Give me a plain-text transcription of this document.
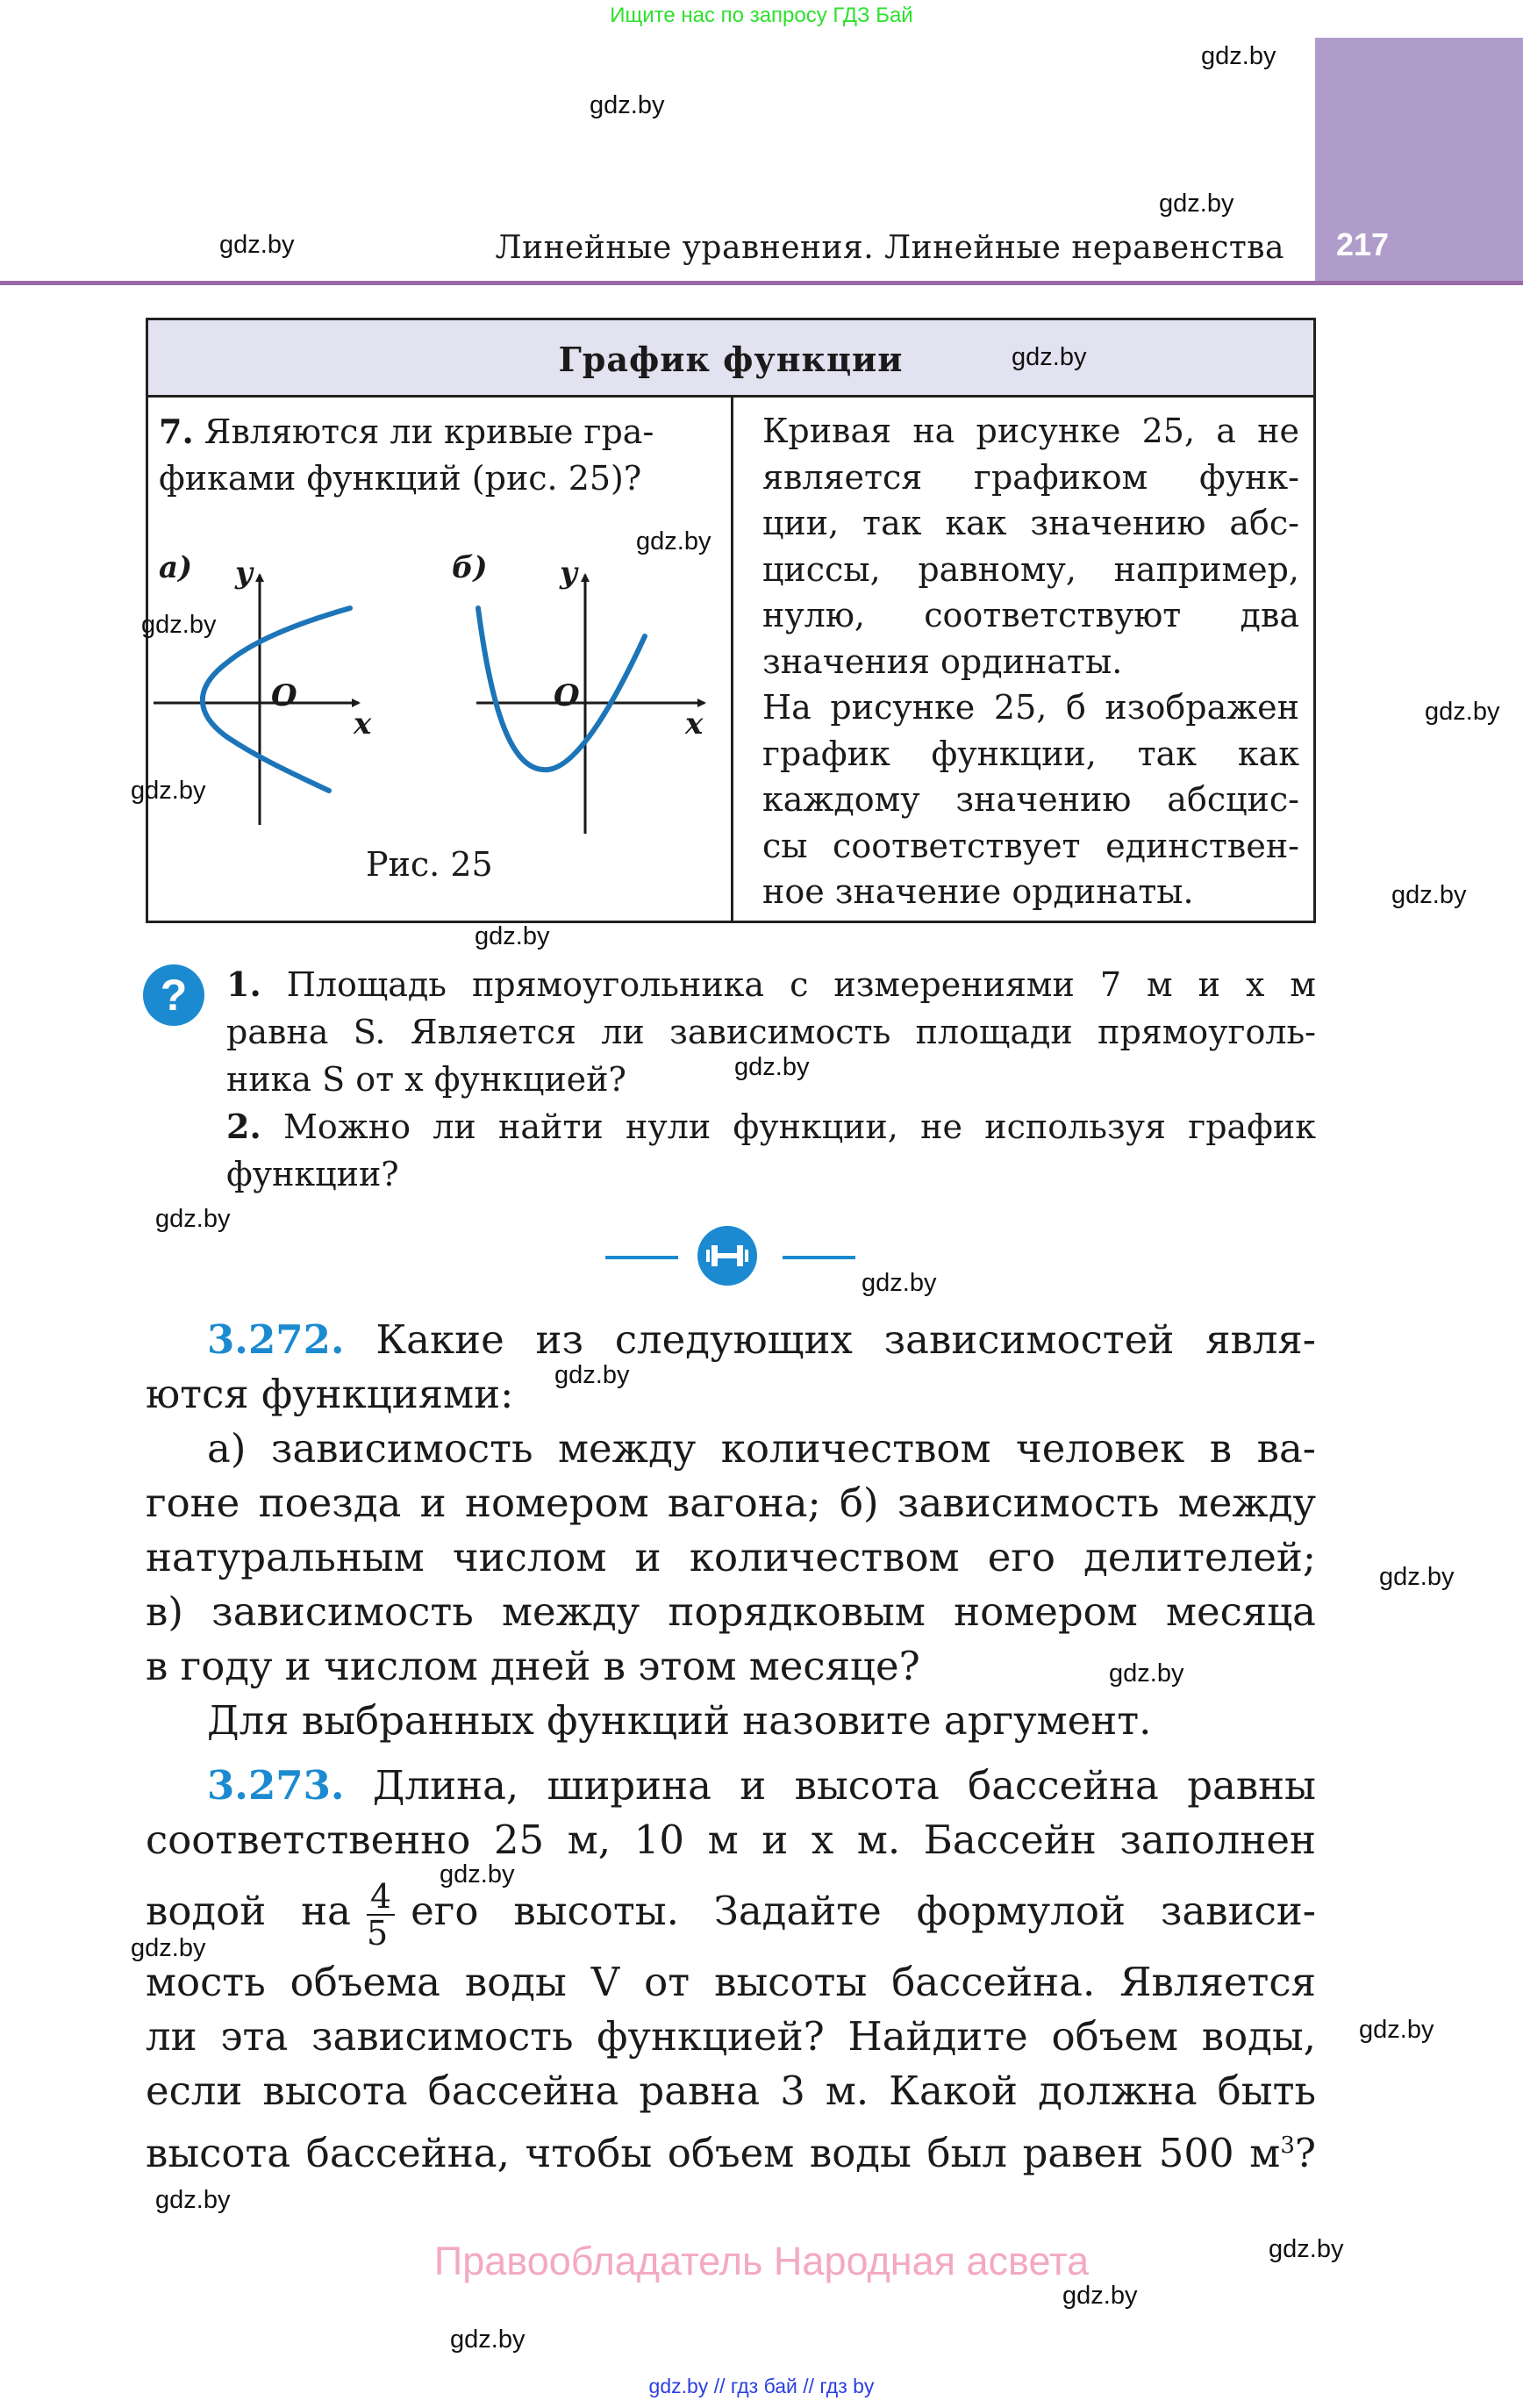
Ищите нас по запросу ГДЗ Бай
Линейные уравнения. Линейные неравенства 217
График функции
7. Являются ли кривые гра-
фиками функций (рис. 25)?
а) y
O
x
б) y
O
x
Рис. 25
Кривая на рисунке 25, а не
является графиком функ-
ции, так как значению абс-
циссы, равному, например,
нулю, соответствуют два
значения ординаты.
На рисунке 25, б изображен
график функции, так как
каждому значению абсцис-
сы соответствует единствен-
ное значение ординаты.
?	1. Площадь прямоугольника с измерениями 7 м и x м
равна S. Является ли зависимость площади прямоуголь-
ника S от x функцией?
2. Можно ли найти нули функции, не используя график
функции?
3.272. Какие из следующих зависимостей явля-
ются функциями:
а) зависимость между количеством человек в ва-
гоне поезда и номером вагона; б) зависимость между
натуральным числом и количеством его делителей;
в) зависимость между порядковым номером месяца
в году и числом дней в этом месяце?
Для выбранных функций назовите аргумент.
3.273. Длина, ширина и высота бассейна равны
соответственно 25 м, 10 м и x м. Бассейн заполнен
водой на $\frac{4}{5}$ его высоты. Задайте формулой зависи-
мость объема воды V от высоты бассейна. Является
ли эта зависимость функцией? Найдите объем воды,
если высота бассейна равна 3 м. Какой должна быть
высота бассейна, чтобы объем воды был равен 500 $м^3$?
Правообладатель Народная асвета
gdz.by // гдз бай // гдз by
gdz.by
gdz.by
gdz.by
gdz.by
gdz.by
gdz.by
gdz.by
gdz.by
gdz.by
gdz.by
gdz.by
gdz.by
gdz.by
gdz.by
gdz.by
gdz.by
gdz.by
gdz.by
gdz.by
gdz.by
gdz.by
gdz.by
gdz.by
gdz.by
